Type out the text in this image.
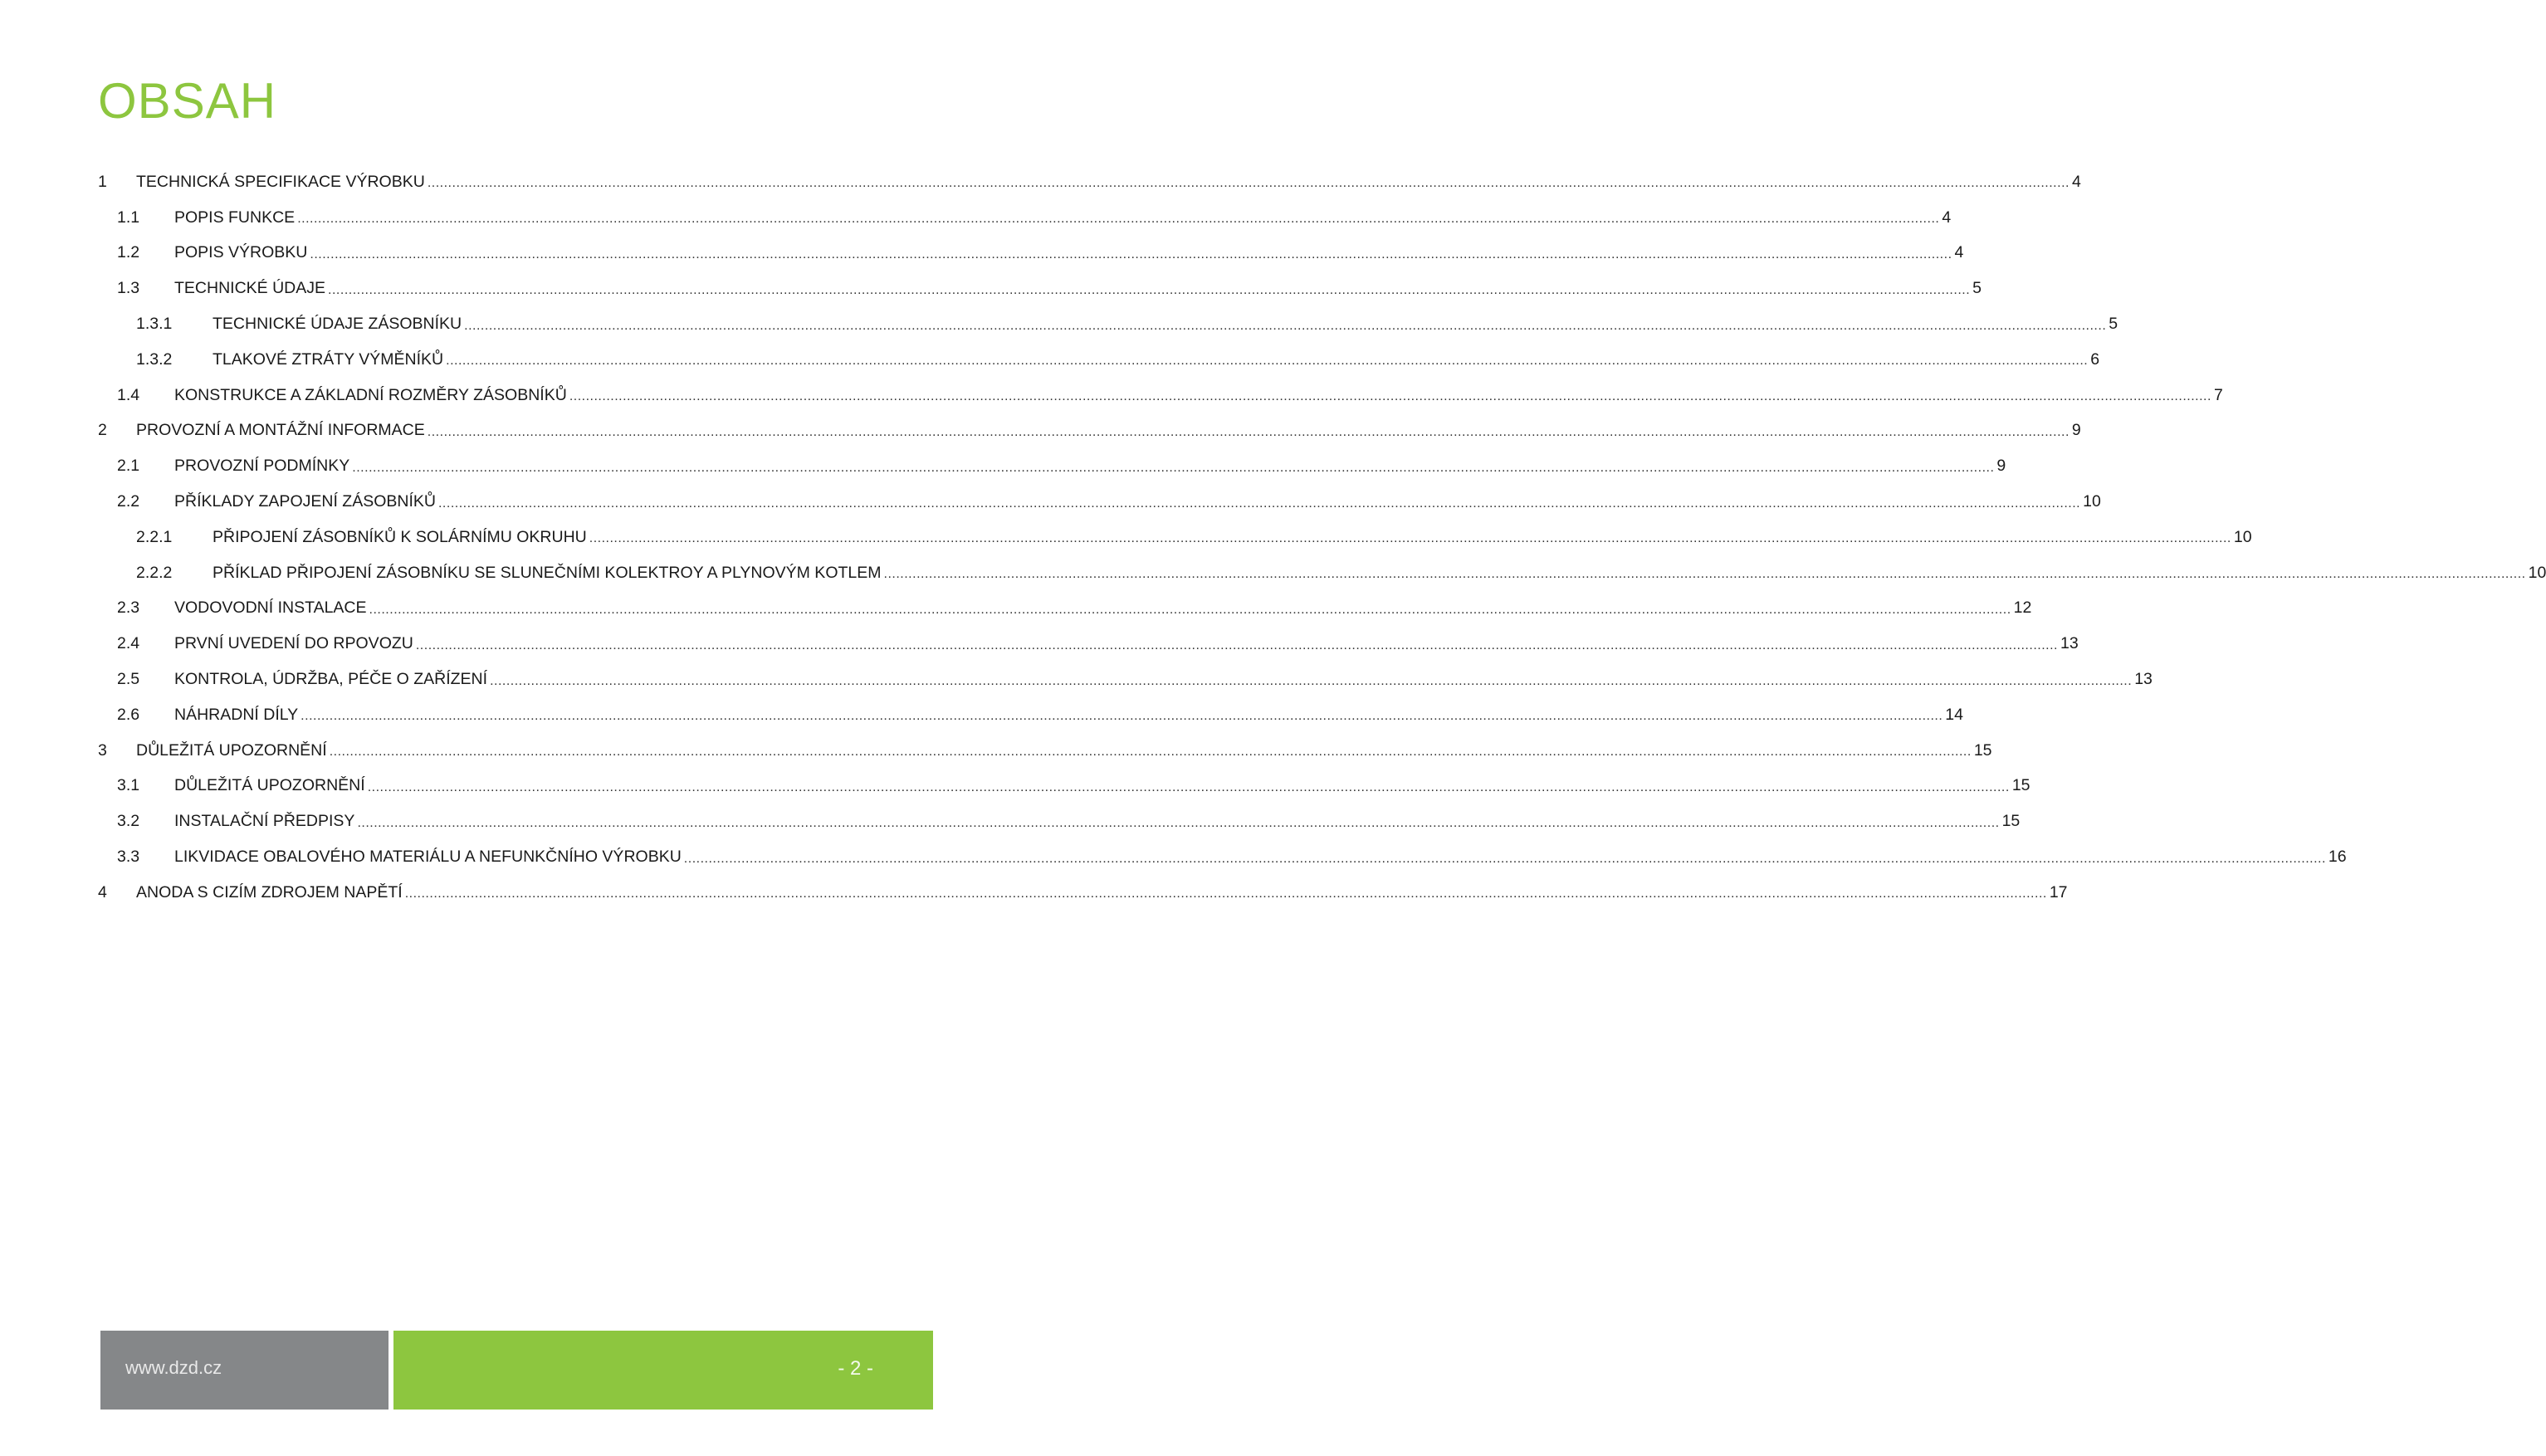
OBSAH
1	TECHNICKÁ SPECIFIKACE VÝROBKU ................................................................................................................................................................................................................................................................................................................................................................................................................ 4
1.1	POPIS FUNKCE ................................................................................................................................................................................................................................................................................................................................................................................................................ 4
1.2	POPIS VÝROBKU ................................................................................................................................................................................................................................................................................................................................................................................................................ 4
1.3	TECHNICKÉ ÚDAJE ................................................................................................................................................................................................................................................................................................................................................................................................................ 5
1.3.1	TECHNICKÉ ÚDAJE ZÁSOBNÍKU ................................................................................................................................................................................................................................................................................................................................................................................................................ 5
1.3.2	TLAKOVÉ ZTRÁTY VÝMĚNÍKŮ ................................................................................................................................................................................................................................................................................................................................................................................................................ 6
1.4	KONSTRUKCE A ZÁKLADNÍ ROZMĚRY ZÁSOBNÍKŮ ................................................................................................................................................................................................................................................................................................................................................................................................................ 7
2	PROVOZNÍ A MONTÁŽNÍ INFORMACE ................................................................................................................................................................................................................................................................................................................................................................................................................ 9
2.1	PROVOZNÍ PODMÍNKY ................................................................................................................................................................................................................................................................................................................................................................................................................ 9
2.2	PŘÍKLADY ZAPOJENÍ ZÁSOBNÍKŮ ................................................................................................................................................................................................................................................................................................................................................................................................................ 10
2.2.1	PŘIPOJENÍ ZÁSOBNÍKŮ K SOLÁRNÍMU OKRUHU ................................................................................................................................................................................................................................................................................................................................................................................................................ 10
2.2.2	PŘÍKLAD PŘIPOJENÍ ZÁSOBNÍKU SE SLUNEČNÍMI KOLEKTROY A PLYNOVÝM KOTLEM ................................................................................................................................................................................................................................................................................................................................................................................................................ 10
2.3	VODOVODNÍ INSTALACE ................................................................................................................................................................................................................................................................................................................................................................................................................ 12
2.4	PRVNÍ UVEDENÍ DO RPOVOZU ................................................................................................................................................................................................................................................................................................................................................................................................................ 13
2.5	KONTROLA, ÚDRŽBA, PÉČE O ZAŘÍZENÍ ................................................................................................................................................................................................................................................................................................................................................................................................................ 13
2.6	NÁHRADNÍ DÍLY ................................................................................................................................................................................................................................................................................................................................................................................................................ 14
3	DŮLEŽITÁ UPOZORNĚNÍ ................................................................................................................................................................................................................................................................................................................................................................................................................ 15
3.1	DŮLEŽITÁ UPOZORNĚNÍ ................................................................................................................................................................................................................................................................................................................................................................................................................ 15
3.2	INSTALAČNÍ PŘEDPISY ................................................................................................................................................................................................................................................................................................................................................................................................................ 15
3.3	LIKVIDACE OBALOVÉHO MATERIÁLU A NEFUNKČNÍHO VÝROBKU ................................................................................................................................................................................................................................................................................................................................................................................................................ 16
4	ANODA S CIZÍM ZDROJEM NAPĚTÍ ................................................................................................................................................................................................................................................................................................................................................................................................................ 17
www.dzd.cz	- 2 -
